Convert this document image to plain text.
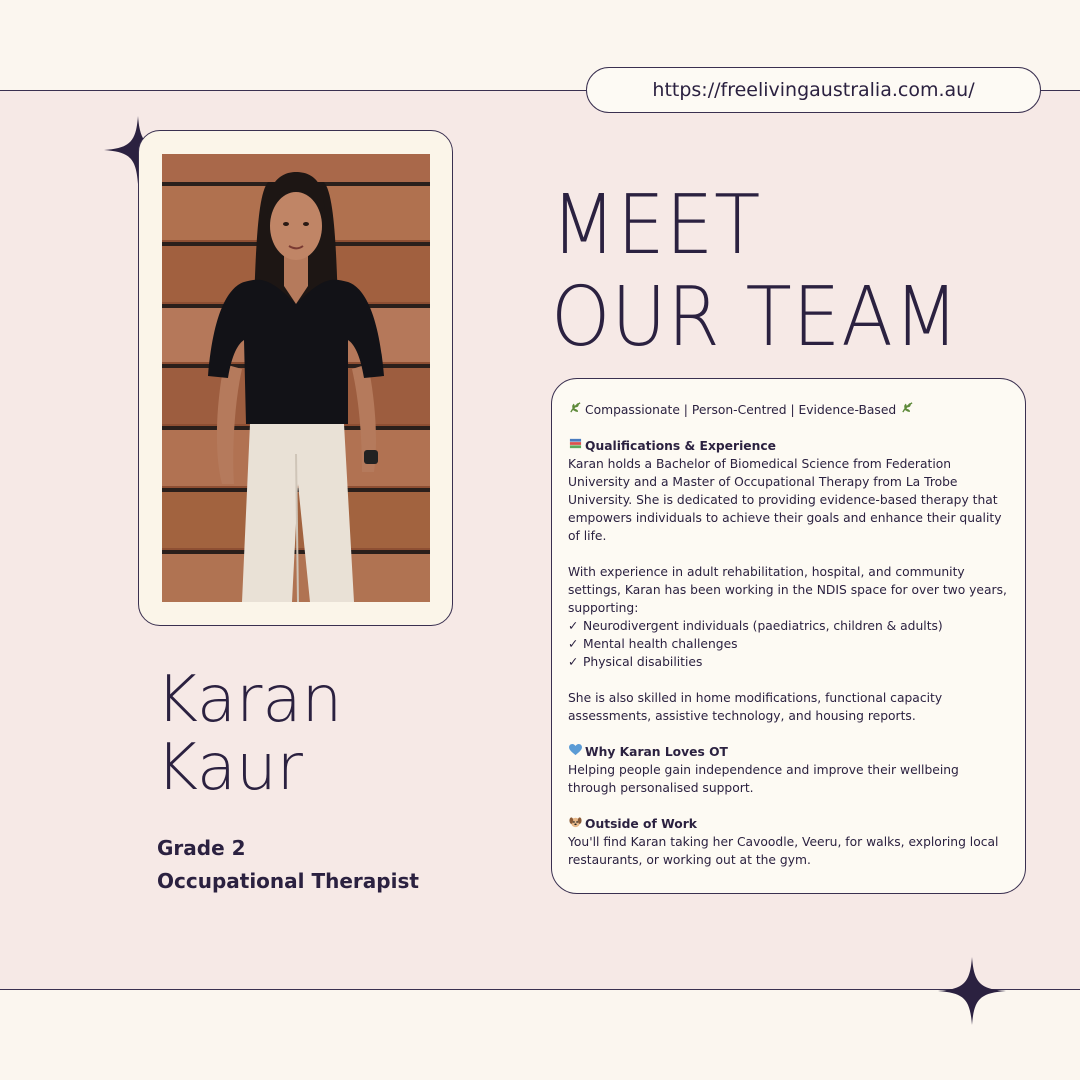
https://freelivingaustralia.com.au/
MEET
OUR TEAM
Karan
Kaur
Grade 2
Occupational Therapist

Compassionate | Person-Centred | Evidence-Based

Qualifications & Experience
Karan holds a Bachelor of Biomedical Science from Federation University and a Master of Occupational Therapy from La Trobe University. She is dedicated to providing evidence-based therapy that empowers individuals to achieve their goals and enhance their quality of life.

With experience in adult rehabilitation, hospital, and community settings, Karan has been working in the NDIS space for over two years, supporting:
✓ Neurodivergent individuals (paediatrics, children & adults)
✓ Mental health challenges
✓ Physical disabilities

She is also skilled in home modifications, functional capacity assessments, assistive technology, and housing reports.

Why Karan Loves OT
Helping people gain independence and improve their wellbeing through personalised support.

Outside of Work
You'll find Karan taking her Cavoodle, Veeru, for walks, exploring local restaurants, or working out at the gym.
